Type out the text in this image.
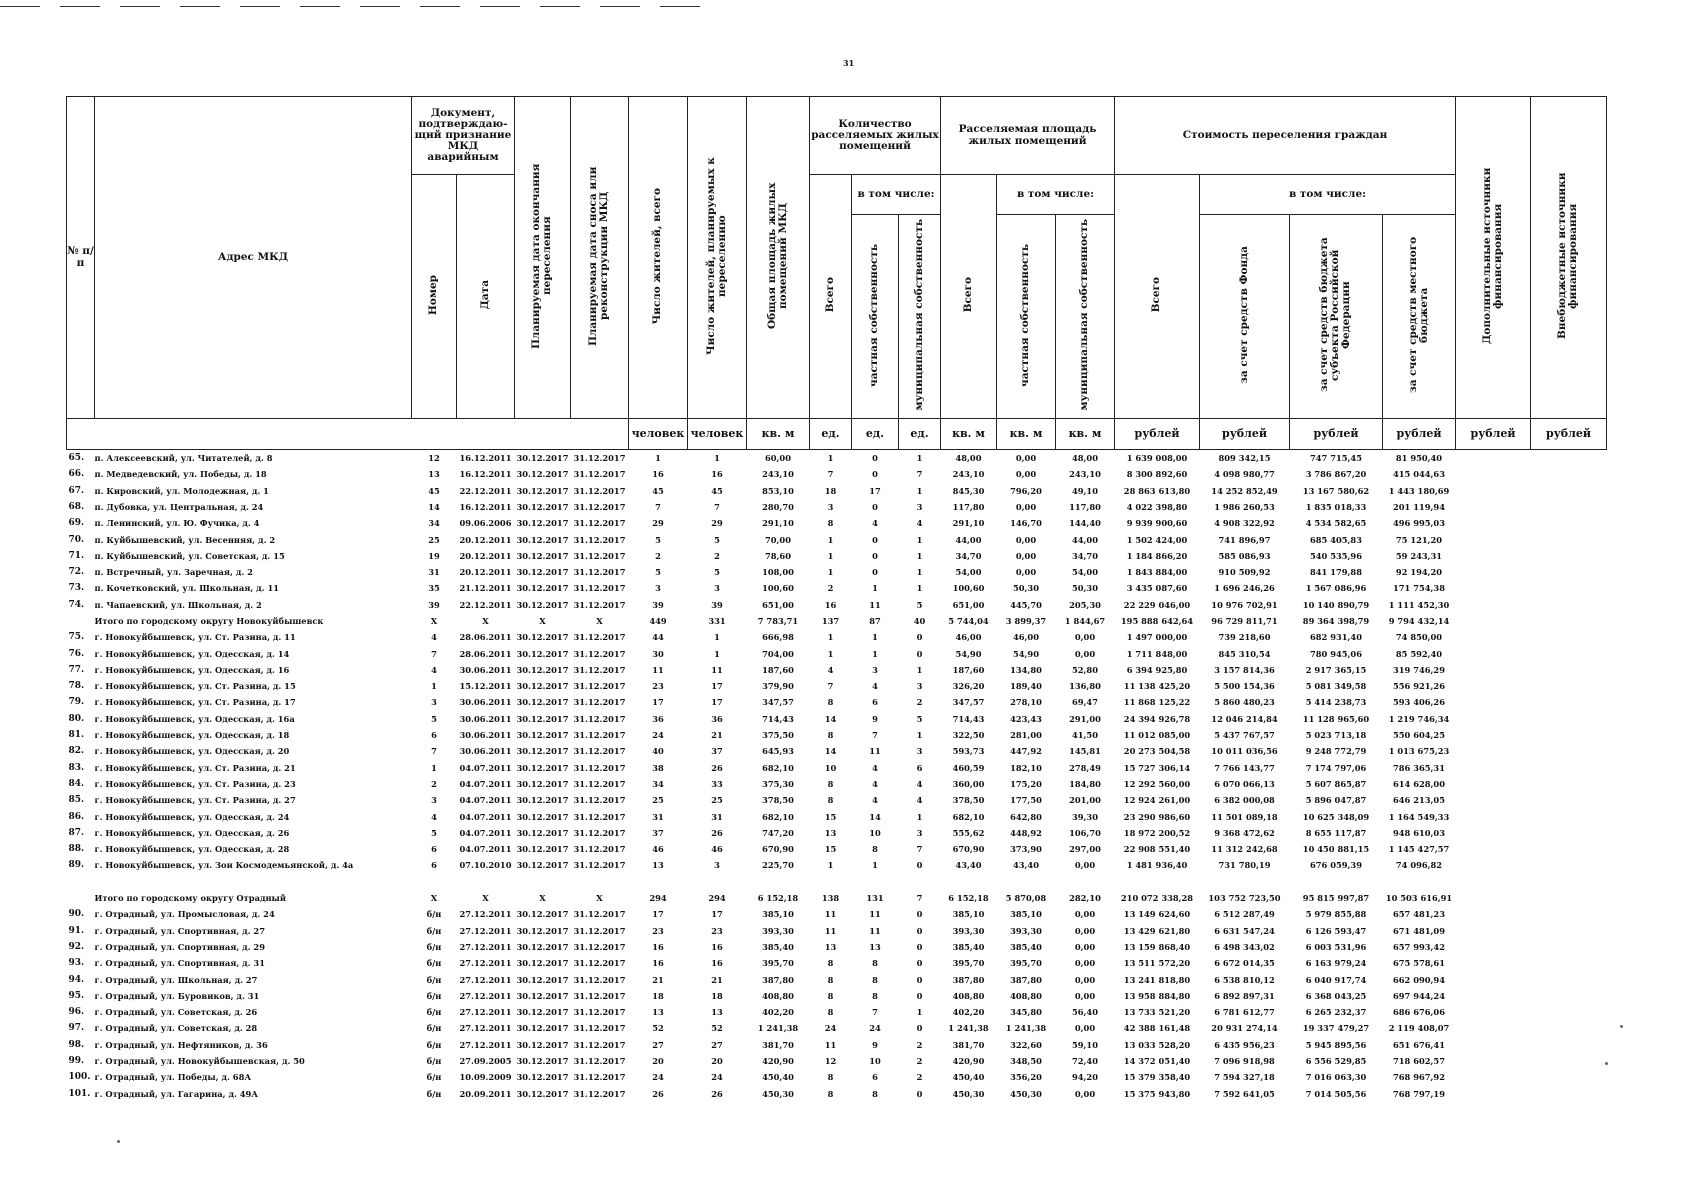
31
№ п/п	Адрес МКД	Документ, подтверждаю-щий признание МКД аварийным		Планируемая дата окончания переселения	Планируемая дата сноса или реконструкции МКД	Число жителей, всего	Число жителей, планируемых к переселению	Общая площадь жилых помещений МКД	Количество расселяемых жилых помещений			Расселяемая площадь жилых помещений			Стоимость переселения граждан				Дополнительные источники финансирования	Внебюджетные источники финансирования
		Номер	Дата						Всего	в том числе:		Всего	в том числе:		Всего	в том числе:				
										частная собственность	муниципальная собственность		частная собственность	муниципальная собственность		за счет средств Фонда	за счет средств бюджета субъекта Российской Федерации	за счет средств местного бюджета		
						человек	человек	кв. м	ед.	ед.	ед.	кв. м	кв. м	кв. м	рублей	рублей	рублей	рублей	рублей	рублей
65.	п. Алексеевский, ул. Читателей, д. 8	12	16.12.2011	30.12.2017	31.12.2017	1	1	60,00	1	0	1	48,00	0,00	48,00	1 639 008,00	809 342,15	747 715,45	81 950,40		
66.	п. Медведевский, ул. Победы, д. 18	13	16.12.2011	30.12.2017	31.12.2017	16	16	243,10	7	0	7	243,10	0,00	243,10	8 300 892,60	4 098 980,77	3 786 867,20	415 044,63		
67.	п. Кировский, ул. Молодежная, д. 1	45	22.12.2011	30.12.2017	31.12.2017	45	45	853,10	18	17	1	845,30	796,20	49,10	28 863 613,80	14 252 852,49	13 167 580,62	1 443 180,69		
68.	п. Дубовка, ул. Центральная, д. 24	14	16.12.2011	30.12.2017	31.12.2017	7	7	280,70	3	0	3	117,80	0,00	117,80	4 022 398,80	1 986 260,53	1 835 018,33	201 119,94		
69.	п. Ленинский, ул. Ю. Фучика, д. 4	34	09.06.2006	30.12.2017	31.12.2017	29	29	291,10	8	4	4	291,10	146,70	144,40	9 939 900,60	4 908 322,92	4 534 582,65	496 995,03		
70.	п. Куйбышевский, ул. Весенняя, д. 2	25	20.12.2011	30.12.2017	31.12.2017	5	5	70,00	1	0	1	44,00	0,00	44,00	1 502 424,00	741 896,97	685 405,83	75 121,20		
71.	п. Куйбышевский, ул. Советская, д. 15	19	20.12.2011	30.12.2017	31.12.2017	2	2	78,60	1	0	1	34,70	0,00	34,70	1 184 866,20	585 086,93	540 535,96	59 243,31		
72.	п. Встречный, ул. Заречная, д. 2	31	20.12.2011	30.12.2017	31.12.2017	5	5	108,00	1	0	1	54,00	0,00	54,00	1 843 884,00	910 509,92	841 179,88	92 194,20		
73.	п. Кочетковский, ул. Школьная, д. 11	35	21.12.2011	30.12.2017	31.12.2017	3	3	100,60	2	1	1	100,60	50,30	50,30	3 435 087,60	1 696 246,26	1 567 086,96	171 754,38		
74.	п. Чапаевский, ул. Школьная, д. 2	39	22.12.2011	30.12.2017	31.12.2017	39	39	651,00	16	11	5	651,00	445,70	205,30	22 229 046,00	10 976 702,91	10 140 890,79	1 111 452,30		
	Итого по городскому округу Новокуйбышевск	X	X	X	X	449	331	7 783,71	137	87	40	5 744,04	3 899,37	1 844,67	195 888 642,64	96 729 811,71	89 364 398,79	9 794 432,14		
75.	г. Новокуйбышевск, ул. Ст. Разина, д. 11	4	28.06.2011	30.12.2017	31.12.2017	44	1	666,98	1	1	0	46,00	46,00	0,00	1 497 000,00	739 218,60	682 931,40	74 850,00		
76.	г. Новокуйбышевск, ул. Одесская, д. 14	7	28.06.2011	30.12.2017	31.12.2017	30	1	704,00	1	1	0	54,90	54,90	0,00	1 711 848,00	845 310,54	780 945,06	85 592,40		
77.	г. Новокуйбышевск, ул. Одесская, д. 16	4	30.06.2011	30.12.2017	31.12.2017	11	11	187,60	4	3	1	187,60	134,80	52,80	6 394 925,80	3 157 814,36	2 917 365,15	319 746,29		
78.	г. Новокуйбышевск, ул. Ст. Разина, д. 15	1	15.12.2011	30.12.2017	31.12.2017	23	17	379,90	7	4	3	326,20	189,40	136,80	11 138 425,20	5 500 154,36	5 081 349,58	556 921,26		
79.	г. Новокуйбышевск, ул. Ст. Разина, д. 17	3	30.06.2011	30.12.2017	31.12.2017	17	17	347,57	8	6	2	347,57	278,10	69,47	11 868 125,22	5 860 480,23	5 414 238,73	593 406,26		
80.	г. Новокуйбышевск, ул. Одесская, д. 16а	5	30.06.2011	30.12.2017	31.12.2017	36	36	714,43	14	9	5	714,43	423,43	291,00	24 394 926,78	12 046 214,84	11 128 965,60	1 219 746,34		
81.	г. Новокуйбышевск, ул. Одесская, д. 18	6	30.06.2011	30.12.2017	31.12.2017	24	21	375,50	8	7	1	322,50	281,00	41,50	11 012 085,00	5 437 767,57	5 023 713,18	550 604,25		
82.	г. Новокуйбышевск, ул. Одесская, д. 20	7	30.06.2011	30.12.2017	31.12.2017	40	37	645,93	14	11	3	593,73	447,92	145,81	20 273 504,58	10 011 036,56	9 248 772,79	1 013 675,23		
83.	г. Новокуйбышевск, ул. Ст. Разина, д. 21	1	04.07.2011	30.12.2017	31.12.2017	38	26	682,10	10	4	6	460,59	182,10	278,49	15 727 306,14	7 766 143,77	7 174 797,06	786 365,31		
84.	г. Новокуйбышевск, ул. Ст. Разина, д. 23	2	04.07.2011	30.12.2017	31.12.2017	34	33	375,30	8	4	4	360,00	175,20	184,80	12 292 560,00	6 070 066,13	5 607 865,87	614 628,00		
85.	г. Новокуйбышевск, ул. Ст. Разина, д. 27	3	04.07.2011	30.12.2017	31.12.2017	25	25	378,50	8	4	4	378,50	177,50	201,00	12 924 261,00	6 382 000,08	5 896 047,87	646 213,05		
86.	г. Новокуйбышевск, ул. Одесская, д. 24	4	04.07.2011	30.12.2017	31.12.2017	31	31	682,10	15	14	1	682,10	642,80	39,30	23 290 986,60	11 501 089,18	10 625 348,09	1 164 549,33		
87.	г. Новокуйбышевск, ул. Одесская, д. 26	5	04.07.2011	30.12.2017	31.12.2017	37	26	747,20	13	10	3	555,62	448,92	106,70	18 972 200,52	9 368 472,62	8 655 117,87	948 610,03		
88.	г. Новокуйбышевск, ул. Одесская, д. 28	6	04.07.2011	30.12.2017	31.12.2017	46	46	670,90	15	8	7	670,90	373,90	297,00	22 908 551,40	11 312 242,68	10 450 881,15	1 145 427,57		
89.	г. Новокуйбышевск, ул. Зои Космодемьянской, д. 4а	6	07.10.2010	30.12.2017	31.12.2017	13	3	225,70	1	1	0	43,40	43,40	0,00	1 481 936,40	731 780,19	676 059,39	74 096,82		

	Итого по городскому округу Отрадный	X	X	X	X	294	294	6 152,18	138	131	7	6 152,18	5 870,08	282,10	210 072 338,28	103 752 723,50	95 815 997,87	10 503 616,91		
90.	г. Отрадный, ул. Промысловая, д. 24	б/н	27.12.2011	30.12.2017	31.12.2017	17	17	385,10	11	11	0	385,10	385,10	0,00	13 149 624,60	6 512 287,49	5 979 855,88	657 481,23		
91.	г. Отрадный, ул. Спортивная, д. 27	б/н	27.12.2011	30.12.2017	31.12.2017	23	23	393,30	11	11	0	393,30	393,30	0,00	13 429 621,80	6 631 547,24	6 126 593,47	671 481,09		
92.	г. Отрадный, ул. Спортивная, д. 29	б/н	27.12.2011	30.12.2017	31.12.2017	16	16	385,40	13	13	0	385,40	385,40	0,00	13 159 868,40	6 498 343,02	6 003 531,96	657 993,42		
93.	г. Отрадный, ул. Спортивная, д. 31	б/н	27.12.2011	30.12.2017	31.12.2017	16	16	395,70	8	8	0	395,70	395,70	0,00	13 511 572,20	6 672 014,35	6 163 979,24	675 578,61		
94.	г. Отрадный, ул. Школьная, д. 27	б/н	27.12.2011	30.12.2017	31.12.2017	21	21	387,80	8	8	0	387,80	387,80	0,00	13 241 818,80	6 538 810,12	6 040 917,74	662 090,94		
95.	г. Отрадный, ул. Буровиков, д. 31	б/н	27.12.2011	30.12.2017	31.12.2017	18	18	408,80	8	8	0	408,80	408,80	0,00	13 958 884,80	6 892 897,31	6 368 043,25	697 944,24		
96.	г. Отрадный, ул. Советская, д. 26	б/н	27.12.2011	30.12.2017	31.12.2017	13	13	402,20	8	7	1	402,20	345,80	56,40	13 733 521,20	6 781 612,77	6 265 232,37	686 676,06		
97.	г. Отрадный, ул. Советская, д. 28	б/н	27.12.2011	30.12.2017	31.12.2017	52	52	1 241,38	24	24	0	1 241,38	1 241,38	0,00	42 388 161,48	20 931 274,14	19 337 479,27	2 119 408,07		
98.	г. Отрадный, ул. Нефтяников, д. 36	б/н	27.12.2011	30.12.2017	31.12.2017	27	27	381,70	11	9	2	381,70	322,60	59,10	13 033 528,20	6 435 956,23	5 945 895,56	651 676,41		
99.	г. Отрадный, ул. Новокуйбышевская, д. 50	б/н	27.09.2005	30.12.2017	31.12.2017	20	20	420,90	12	10	2	420,90	348,50	72,40	14 372 051,40	7 096 918,98	6 556 529,85	718 602,57		
100.	г. Отрадный, ул. Победы, д. 68А	б/н	10.09.2009	30.12.2017	31.12.2017	24	24	450,40	8	6	2	450,40	356,20	94,20	15 379 358,40	7 594 327,18	7 016 063,30	768 967,92		
101.	г. Отрадный, ул. Гагарина, д. 49А	б/н	20.09.2011	30.12.2017	31.12.2017	26	26	450,30	8	8	0	450,30	450,30	0,00	15 375 943,80	7 592 641,05	7 014 505,56	768 797,19		
